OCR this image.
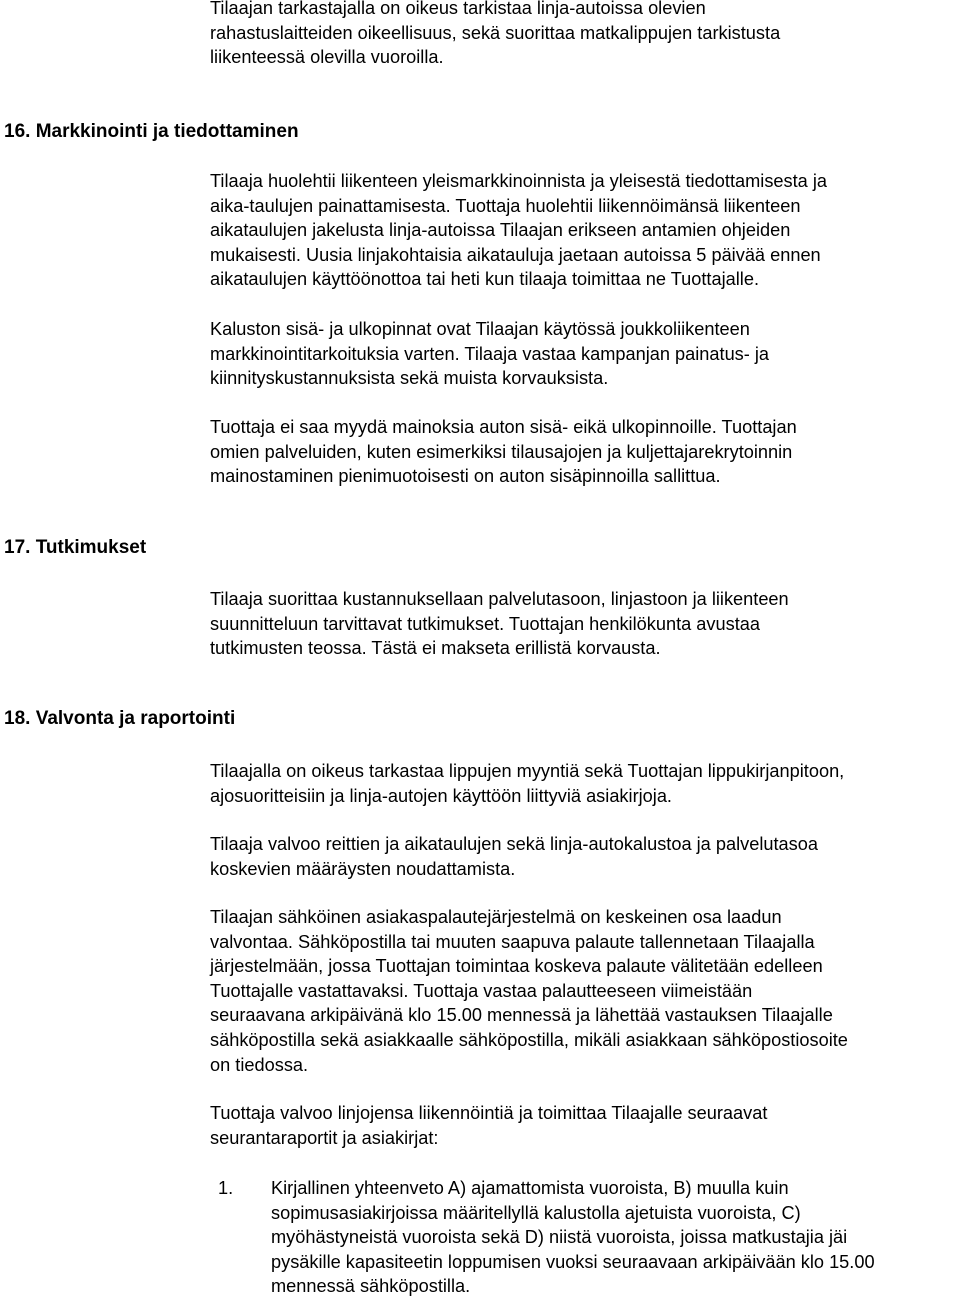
Tilaajan tarkastajalla on oikeus tarkistaa linja-autoissa olevien
rahastuslaitteiden oikeellisuus, sekä suorittaa matkalippujen tarkistusta
liikenteessä olevilla vuoroilla.

16. Markkinointi ja tiedottaminen

Tilaaja huolehtii liikenteen yleismarkkinoinnista ja yleisestä tiedottamisesta ja
aika-taulujen painattamisesta. Tuottaja huolehtii liikennöimänsä liikenteen
aikataulujen jakelusta linja-autoissa Tilaajan erikseen antamien ohjeiden
mukaisesti. Uusia linjakohtaisia aikatauluja jaetaan autoissa 5 päivää ennen
aikataulujen käyttöönottoa tai heti kun tilaaja toimittaa ne Tuottajalle.

Kaluston sisä- ja ulkopinnat ovat Tilaajan käytössä joukkoliikenteen
markkinointitarkoituksia varten. Tilaaja vastaa kampanjan painatus- ja
kiinnityskustannuksista sekä muista korvauksista.

Tuottaja ei saa myydä mainoksia auton sisä- eikä ulkopinnoille. Tuottajan
omien palveluiden, kuten esimerkiksi tilausajojen ja kuljettajarekrytoinnin
mainostaminen pienimuotoisesti on auton sisäpinnoilla sallittua.

17. Tutkimukset

Tilaaja suorittaa kustannuksellaan palvelutasoon, linjastoon ja liikenteen
suunnitteluun tarvittavat tutkimukset. Tuottajan henkilökunta avustaa
tutkimusten teossa. Tästä ei makseta erillistä korvausta.

18. Valvonta ja raportointi

Tilaajalla on oikeus tarkastaa lippujen myyntiä sekä Tuottajan lippukirjanpitoon,
ajosuoritteisiin ja linja-autojen käyttöön liittyviä asiakirjoja.

Tilaaja valvoo reittien ja aikataulujen sekä linja-autokalustoa ja palvelutasoa
koskevien määräysten noudattamista.

Tilaajan sähköinen asiakaspalautejärjestelmä on keskeinen osa laadun
valvontaa. Sähköpostilla tai muuten saapuva palaute tallennetaan Tilaajalla
järjestelmään, jossa Tuottajan toimintaa koskeva palaute välitetään edelleen
Tuottajalle vastattavaksi. Tuottaja vastaa palautteeseen viimeistään
seuraavana arkipäivänä klo 15.00 mennessä ja lähettää vastauksen Tilaajalle
sähköpostilla sekä asiakkaalle sähköpostilla, mikäli asiakkaan sähköpostiosoite
on tiedossa.

Tuottaja valvoo linjojensa liikennöintiä ja toimittaa Tilaajalle seuraavat
seurantaraportit ja asiakirjat:

1. Kirjallinen yhteenveto A) ajamattomista vuoroista, B) muulla kuin
sopimusasiakirjoissa määritellyllä kalustolla ajetuista vuoroista, C)
myöhästyneistä vuoroista sekä D) niistä vuoroista, joissa matkustajia jäi
pysäkille kapasiteetin loppumisen vuoksi seuraavaan arkipäivään klo 15.00
mennessä sähköpostilla.
